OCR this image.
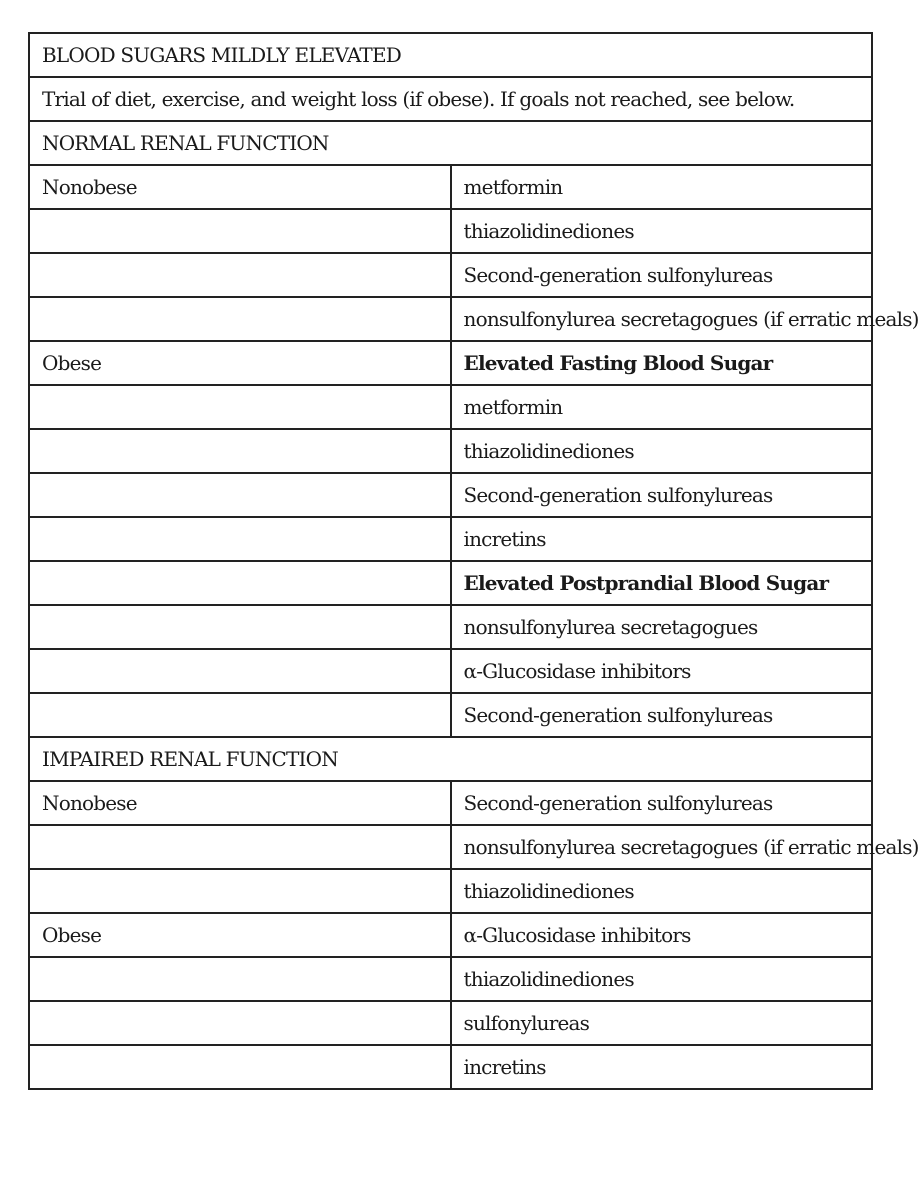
BLOOD SUGARS MILDLY ELEVATED	
Trial of diet, exercise, and weight loss (if obese). If goals not reached, see below.	
NORMAL RENAL FUNCTION	
Nonobese	metformin
	thiazolidinediones
	Second-generation sulfonylureas
	nonsulfonylurea secretagogues (if erratic meals)
Obese	Elevated Fasting Blood Sugar
	metformin
	thiazolidinediones
	Second-generation sulfonylureas
	incretins
	Elevated Postprandial Blood Sugar
	nonsulfonylurea secretagogues
	α-Glucosidase inhibitors
	Second-generation sulfonylureas
IMPAIRED RENAL FUNCTION	
Nonobese	Second-generation sulfonylureas
	nonsulfonylurea secretagogues (if erratic meals)
	thiazolidinediones
Obese	α-Glucosidase inhibitors
	thiazolidinediones
	sulfonylureas
	incretins
